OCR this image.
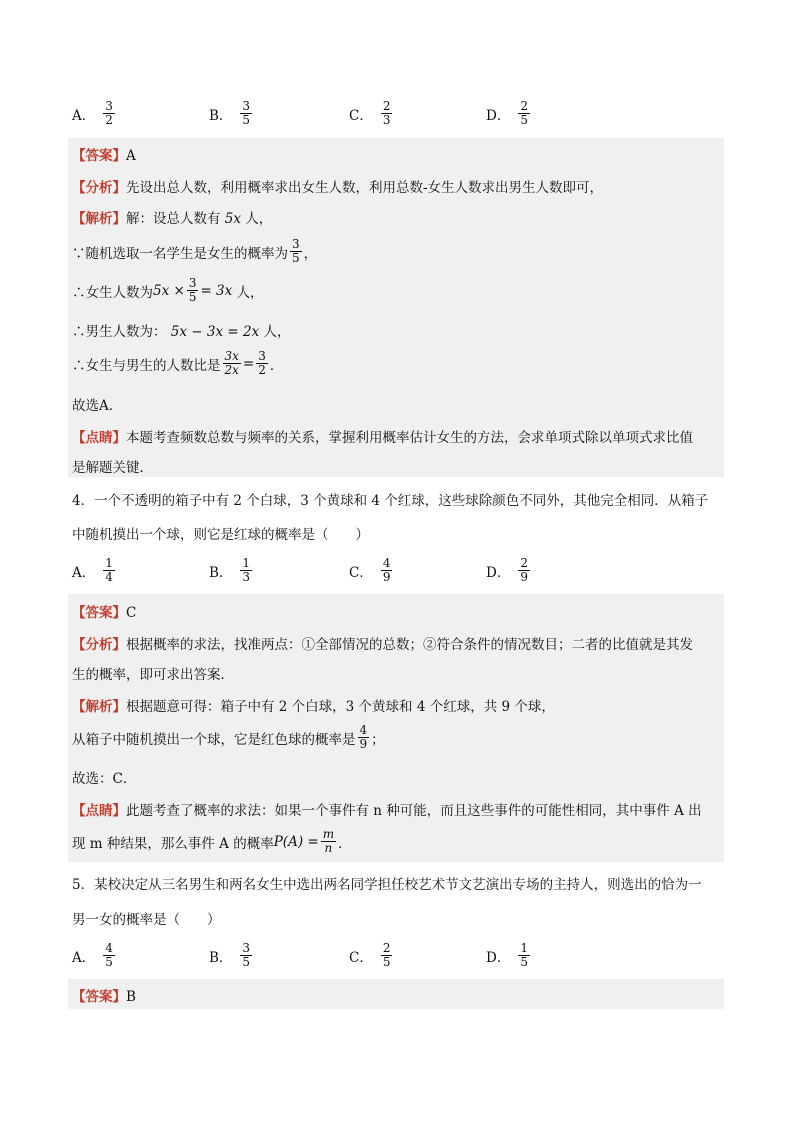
A． $\frac{3}{2}$	B． $\frac{3}{5}$	C． $\frac{2}{3}$	D． $\frac{2}{5}$
【答案】A
【分析】先设出总人数，利用概率求出女生人数，利用总数-女生人数求出男生人数即可，
【解析】解：设总人数有 5x 人，
∵随机选取一名学生是女生的概率为 $\frac{3}{5}$ ，
∴女生人数为 $5x \times \frac{3}{5} = 3x$
人，
∴男生人数为： 5x − 3x = 2x 人，
∴女生与男生的人数比是 $\frac{3x}{2x} = \frac{3}{2}$ ．
故选A．
【点睛】本题考查频数总数与频率的关系，掌握利用概率估计女生的方法，会求单项式除以单项式求比值
是解题关键．
4．一个不透明的箱子中有 2 个白球，3 个黄球和 4 个红球，这些球除颜色不同外，其他完全相同．从箱子
中随机摸出一个球，则它是红球的概率是（　　）
A． $\frac{1}{4}$	B． $\frac{1}{3}$	C． $\frac{4}{9}$	D． $\frac{2}{9}$
【答案】C
【分析】根据概率的求法，找准两点：①全部情况的总数；②符合条件的情况数目；二者的比值就是其发
生的概率，即可求出答案．
【解析】根据题意可得：箱子中有 2 个白球，3 个黄球和 4 个红球，共 9 个球，
从箱子中随机摸出一个球，它是红色球的概率是 $\frac{4}{9}$ ；
故选：C．
【点睛】此题考查了概率的求法：如果一个事件有 n 种可能，而且这些事件的可能性相同，其中事件 A 出
现 m 种结果，那么事件 A 的概率 $P(A) = \frac{m}{n}$ ．
5．某校决定从三名男生和两名女生中选出两名同学担任校艺术节文艺演出专场的主持人，则选出的恰为一
男一女的概率是（　　）
A． $\frac{4}{5}$	B． $\frac{3}{5}$	C． $\frac{2}{5}$	D． $\frac{1}{5}$
【答案】B
